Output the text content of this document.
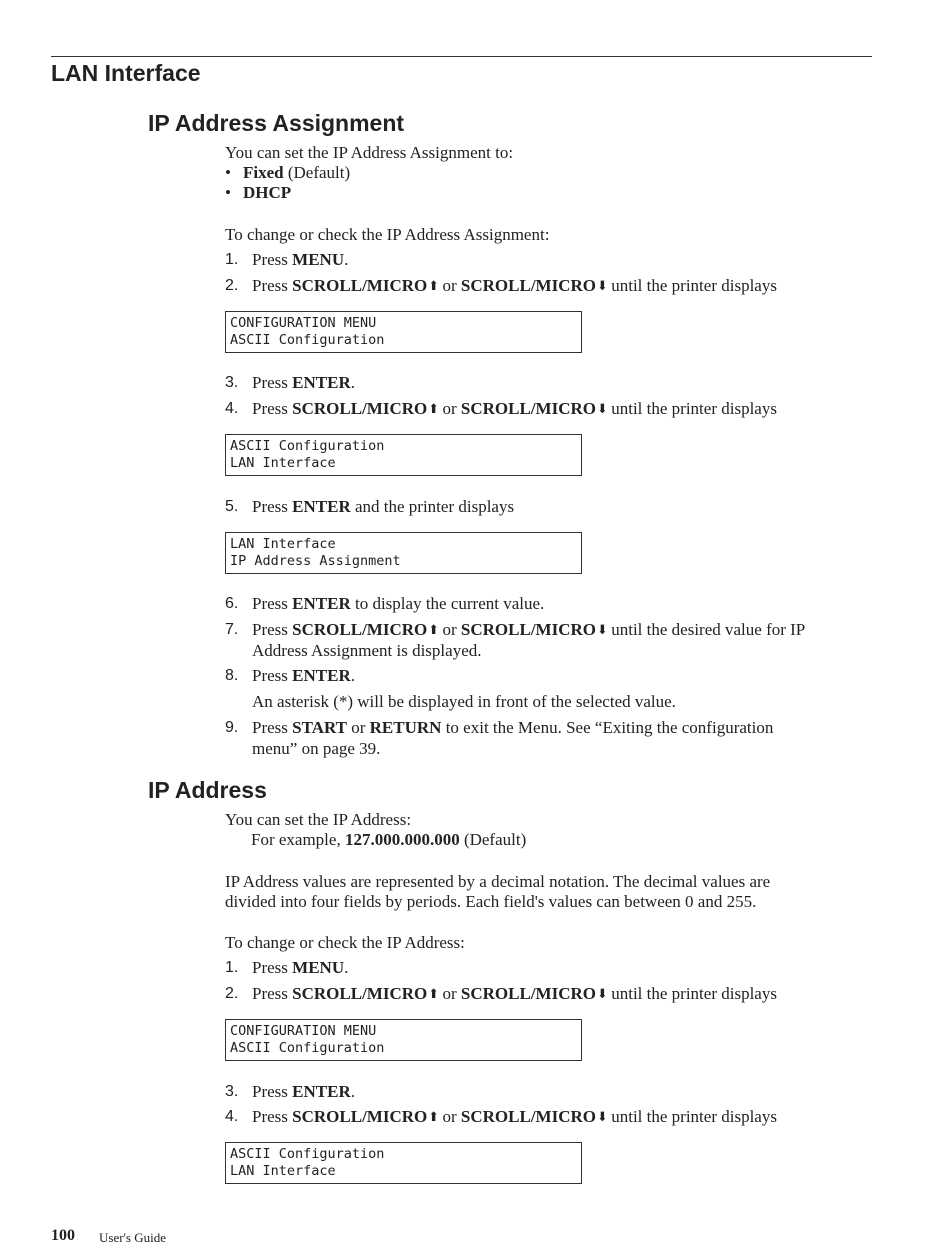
LAN Interface
IP Address Assignment
You can set the IP Address Assignment to:
• Fixed (Default)
• DHCP
To change or check the IP Address Assignment:
1. Press MENU.
2. Press SCROLL/MICRO⬆ or SCROLL/MICRO⬇ until the printer displays
CONFIGURATION MENU
ASCII Configuration
3. Press ENTER.
4. Press SCROLL/MICRO⬆ or SCROLL/MICRO⬇ until the printer displays
ASCII Configuration
LAN Interface
5. Press ENTER and the printer displays
LAN Interface
IP Address Assignment
6. Press ENTER to display the current value.
7. Press SCROLL/MICRO⬆ or SCROLL/MICRO⬇ until the desired value for IP
Address Assignment is displayed.
8. Press ENTER.
An asterisk (*) will be displayed in front of the selected value.
9. Press START or RETURN to exit the Menu. See “Exiting the configuration
menu” on page 39.
IP Address
You can set the IP Address:
For example, 127.000.000.000 (Default)
IP Address values are represented by a decimal notation. The decimal values are
divided into four fields by periods. Each field's values can between 0 and 255.
To change or check the IP Address:
1. Press MENU.
2. Press SCROLL/MICRO⬆ or SCROLL/MICRO⬇ until the printer displays
CONFIGURATION MENU
ASCII Configuration
3. Press ENTER.
4. Press SCROLL/MICRO⬆ or SCROLL/MICRO⬇ until the printer displays
ASCII Configuration
LAN Interface
100 User's Guide
